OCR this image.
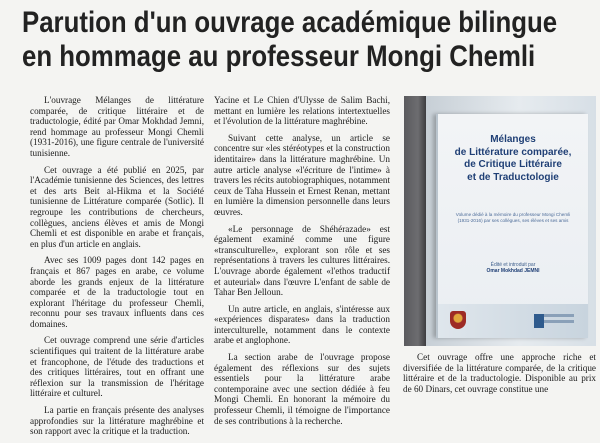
Parution d'un ouvrage académique bilingue
en hommage au professeur Mongi Chemli

L'ouvrage Mélanges de littérature comparée, de critique littéraire et de traductologie, édité par Omar Mokhdad Jemni, rend hommage au professeur Mongi Chemli (1931-2016), une figure centrale de l'université tunisienne.

Cet ouvrage a été publié en 2025, par l'Académie tunisienne des Sciences, des lettres et des arts Beit al-Hikma et la Société tunisienne de Littérature comparée (Sotlic). Il regroupe les contributions de chercheurs, collègues, anciens élèves et amis de Mongi Chemli et est disponible en arabe et français, en plus d'un article en anglais.

Avec ses 1009 pages dont 142 pages en français et 867 pages en arabe, ce volume aborde les grands enjeux de la littérature comparée et de la traductologie tout en explorant l'héritage du professeur Chemli, reconnu pour ses travaux influents dans ces domaines.

Cet ouvrage comprend une série d'articles scientifiques qui traitent de la littérature arabe et francophone, de l'étude des traductions et des critiques littéraires, tout en offrant une réflexion sur la transmission de l'héritage littéraire et culturel.

La partie en français présente des analyses approfondies sur la littérature maghrébine et son rapport avec la critique et la traduction.

Yacine et Le Chien d'Ulysse de Salim Bachi, mettant en lumière les relations intertextuelles et l'évolution de la littérature maghrébine.

Suivant cette analyse, un article se concentre sur «les stéréotypes et la construction identitaire» dans la littérature maghrébine. Un autre article analyse «l'écriture de l'intime» à travers les récits autobiographiques, notamment ceux de Taha Hussein et Ernest Renan, mettant en lumière la dimension personnelle dans leurs œuvres.

«Le personnage de Shéhérazade» est également examiné comme une figure «transculturelle», explorant son rôle et ses représentations à travers les cultures littéraires. L'ouvrage aborde également «l'ethos traductif et auteurial» dans l'œuvre L'enfant de sable de Tahar Ben Jelloun.

Un autre article, en anglais, s'intéresse aux «expériences disparates» dans la traduction interculturelle, notamment dans le contexte arabe et anglophone.

La section arabe de l'ouvrage propose également des réflexions sur des sujets essentiels pour la littérature arabe contemporaine avec une section dédiée à feu Mongi Chemli. En honorant la mémoire du professeur Chemli, il témoigne de l'importance de ses contributions à la recherche.

Mélanges
de Littérature comparée,
de Critique Littéraire
et de Traductologie
Volume dédié à la mémoire du professeur Mongi Chemli (1931-2016) par ses collègues, ses élèves et ses amis
Édité et introduit par
Omar Mokhdad JEMNI

Cet ouvrage offre une approche riche et diversifiée de la littérature comparée, de la critique littéraire et de la traductologie. Disponible au prix de 60 Dinars, cet ouvrage constitue une
